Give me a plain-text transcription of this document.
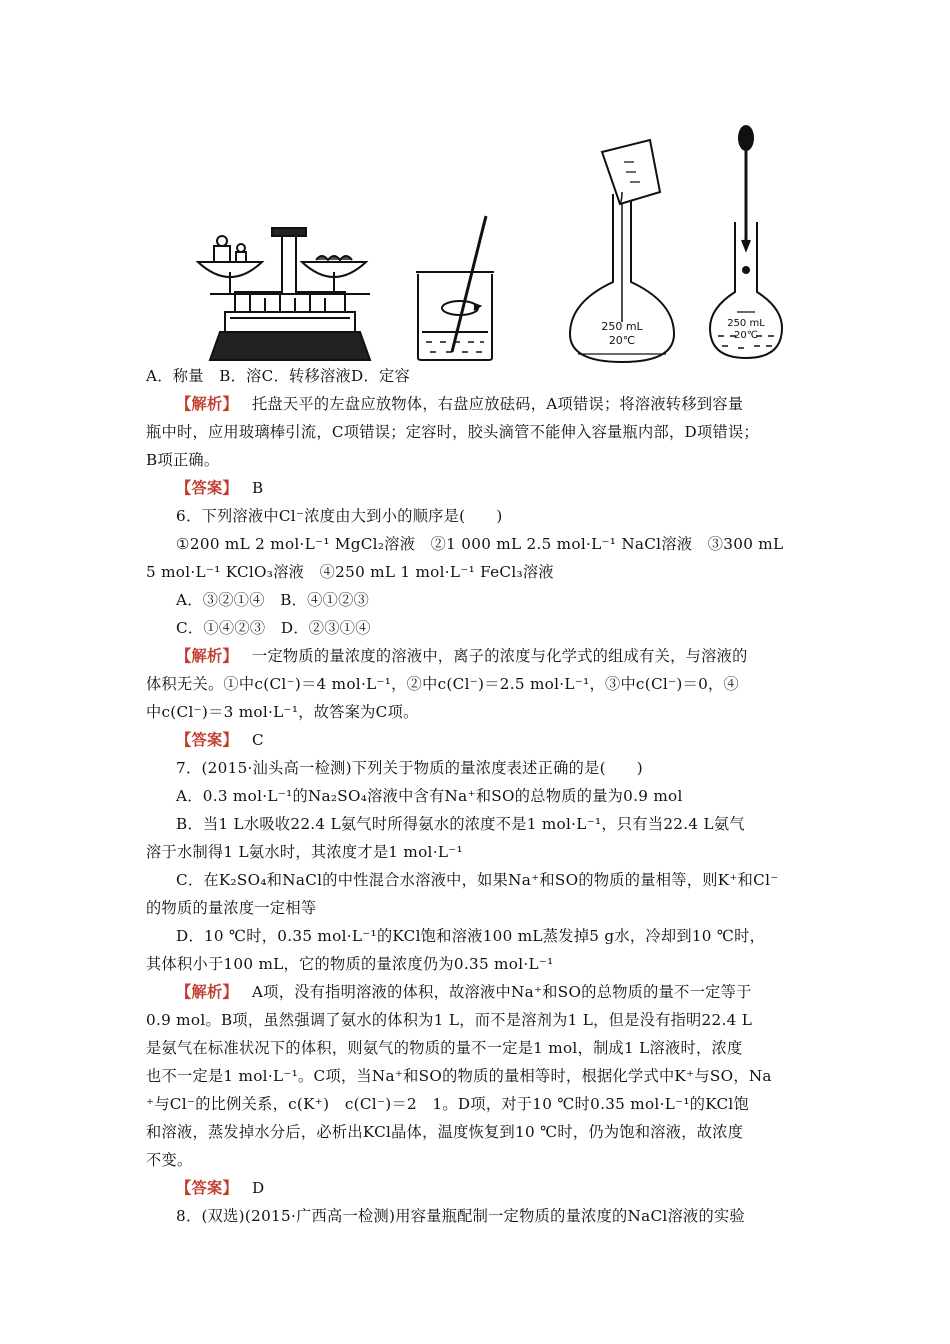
250 mL
20℃
250 mL
20℃
A．称量　B．溶C．转移溶液D．定容
【解析】 托盘天平的左盘应放物体，右盘应放砝码，A项错误；将溶液转移到容量
瓶中时，应用玻璃棒引流，C项错误；定容时，胶头滴管不能伸入容量瓶内部，D项错误；
B项正确。
【答案】 B
6．下列溶液中Cl⁻浓度由大到小的顺序是(　　)
①200 mL 2 mol·L⁻¹ MgCl₂溶液　②1 000 mL 2.5 mol·L⁻¹ NaCl溶液　③300 mL
5 mol·L⁻¹ KClO₃溶液　④250 mL 1 mol·L⁻¹ FeCl₃溶液
A．③②①④　B．④①②③
C．①④②③　D．②③①④
【解析】 一定物质的量浓度的溶液中，离子的浓度与化学式的组成有关，与溶液的
体积无关。①中c(Cl⁻)＝4 mol·L⁻¹，②中c(Cl⁻)＝2.5 mol·L⁻¹，③中c(Cl⁻)＝0，④
中c(Cl⁻)＝3 mol·L⁻¹，故答案为C项。
【答案】 C
7．(2015·汕头高一检测)下列关于物质的量浓度表述正确的是(　　)
A．0.3 mol·L⁻¹的Na₂SO₄溶液中含有Na⁺和SO的总物质的量为0.9 mol
B．当1 L水吸收22.4 L氨气时所得氨水的浓度不是1 mol·L⁻¹，只有当22.4 L氨气
溶于水制得1 L氨水时，其浓度才是1 mol·L⁻¹
C．在K₂SO₄和NaCl的中性混合水溶液中，如果Na⁺和SO的物质的量相等，则K⁺和Cl⁻
的物质的量浓度一定相等
D．10 ℃时，0.35 mol·L⁻¹的KCl饱和溶液100 mL蒸发掉5 g水，冷却到10 ℃时，
其体积小于100 mL，它的物质的量浓度仍为0.35 mol·L⁻¹
【解析】 A项，没有指明溶液的体积，故溶液中Na⁺和SO的总物质的量不一定等于
0.9 mol。B项，虽然强调了氨水的体积为1 L，而不是溶剂为1 L，但是没有指明22.4 L
是氨气在标准状况下的体积，则氨气的物质的量不一定是1 mol，制成1 L溶液时，浓度
也不一定是1 mol·L⁻¹。C项，当Na⁺和SO的物质的量相等时，根据化学式中K⁺与SO，Na
⁺与Cl⁻的比例关系，c(K⁺)　c(Cl⁻)＝2　1。D项，对于10 ℃时0.35 mol·L⁻¹的KCl饱
和溶液，蒸发掉水分后，必析出KCl晶体，温度恢复到10 ℃时，仍为饱和溶液，故浓度
不变。
【答案】 D
8．(双选)(2015·广西高一检测)用容量瓶配制一定物质的量浓度的NaCl溶液的实验
